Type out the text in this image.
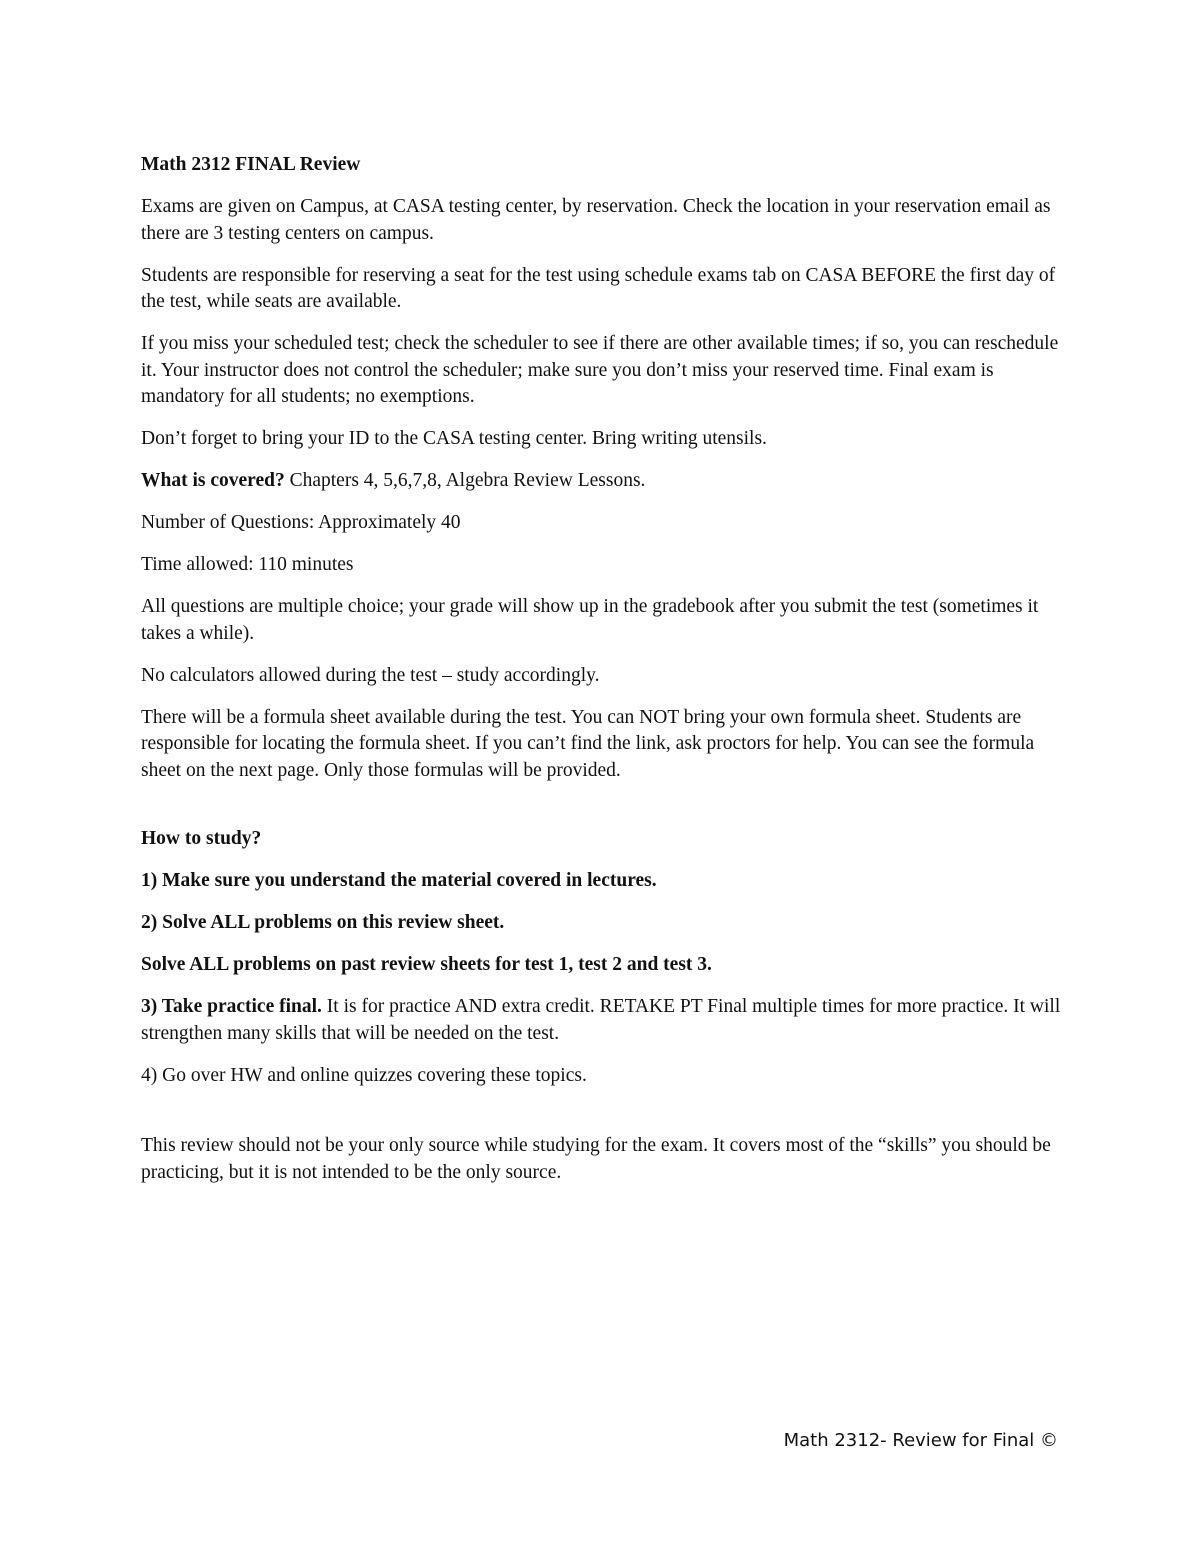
Math 2312 FINAL Review

Exams are given on Campus, at CASA testing center, by reservation. Check the location in your reservation email as there are 3 testing centers on campus.

Students are responsible for reserving a seat for the test using schedule exams tab on CASA BEFORE the first day of the test, while seats are available.

If you miss your scheduled test; check the scheduler to see if there are other available times; if so, you can reschedule it. Your instructor does not control the scheduler; make sure you don’t miss your reserved time. Final exam is mandatory for all students; no exemptions.

Don’t forget to bring your ID to the CASA testing center. Bring writing utensils.

What is covered? Chapters 4, 5,6,7,8, Algebra Review Lessons.

Number of Questions: Approximately 40

Time allowed: 110 minutes

All questions are multiple choice; your grade will show up in the gradebook after you submit the test (sometimes it takes a while).

No calculators allowed during the test – study accordingly.

There will be a formula sheet available during the test. You can NOT bring your own formula sheet. Students are responsible for locating the formula sheet. If you can’t find the link, ask proctors for help. You can see the formula sheet on the next page. Only those formulas will be provided.

How to study?

1) Make sure you understand the material covered in lectures.

2) Solve ALL problems on this review sheet.

Solve ALL problems on past review sheets for test 1, test 2 and test 3.

3) Take practice final. It is for practice AND extra credit. RETAKE PT Final multiple times for more practice. It will strengthen many skills that will be needed on the test.

4) Go over HW and online quizzes covering these topics.

This review should not be your only source while studying for the exam. It covers most of the “skills” you should be practicing, but it is not intended to be the only source.

Math 2312- Review for Final ©
